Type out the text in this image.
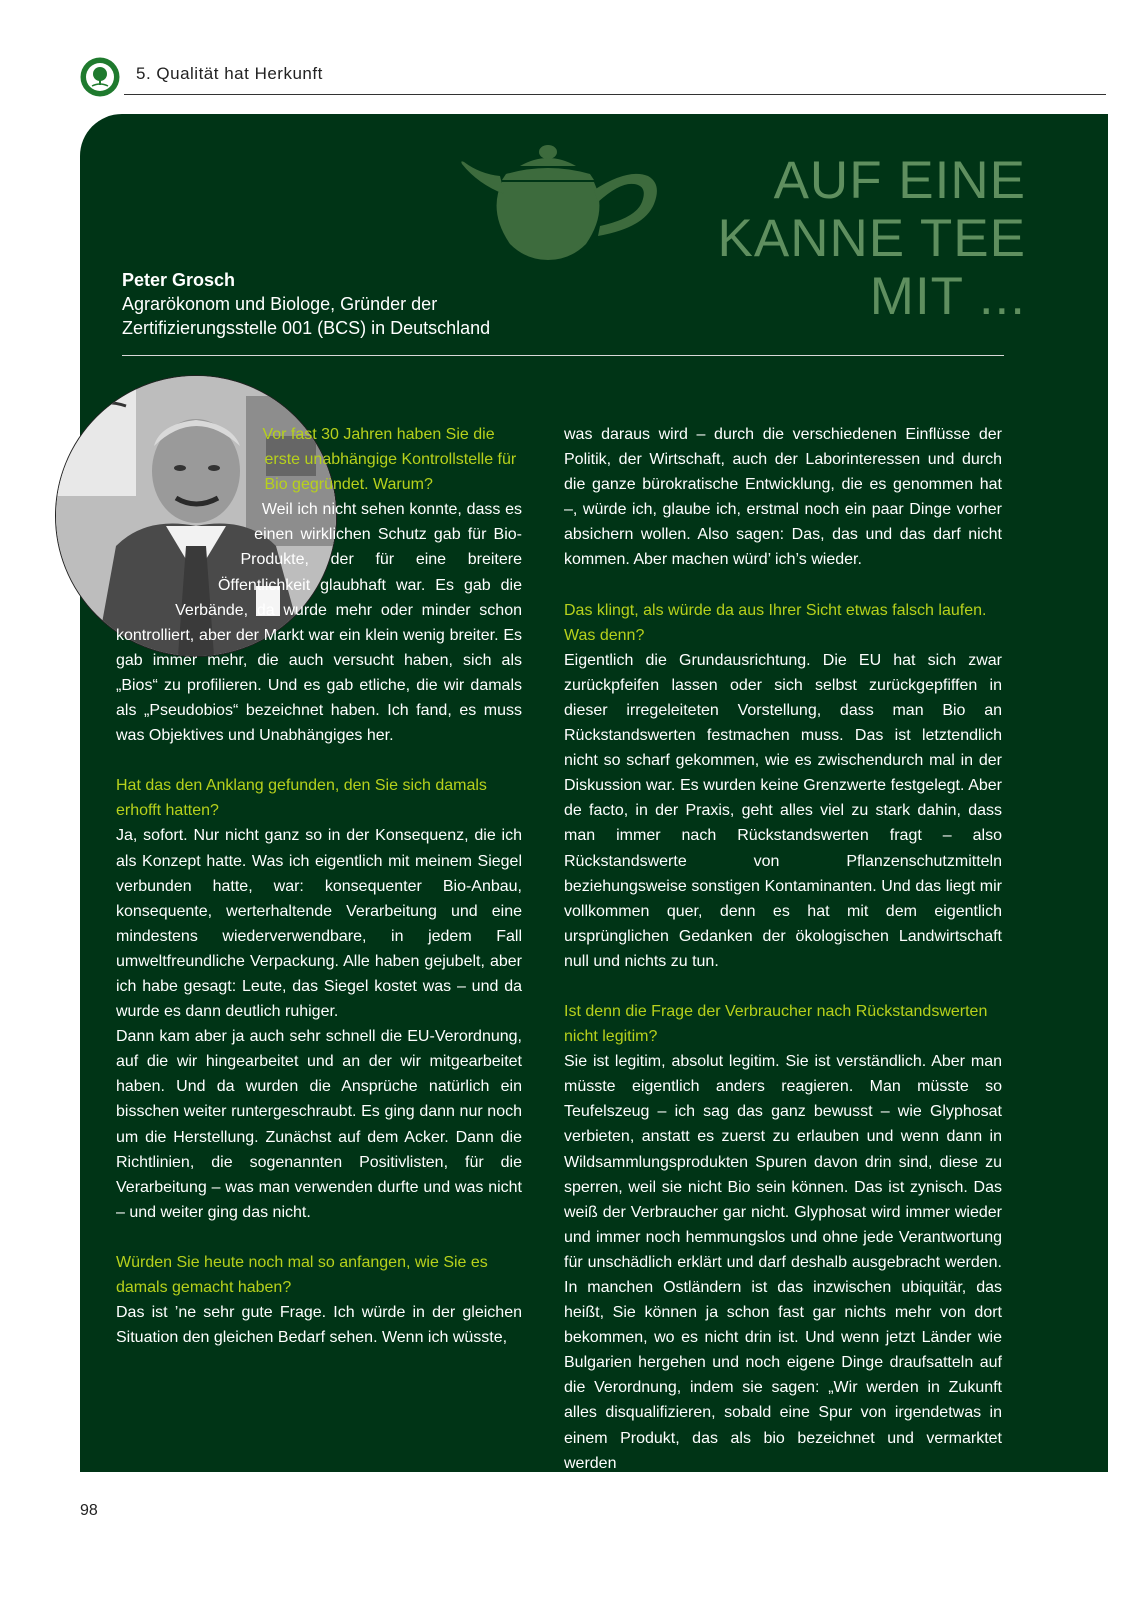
5. Qualität hat Herkunft
AUF EINE
KANNE TEE
MIT ...

Peter Grosch

Agrarökonom und Biologe, Gründer der
Zertifizierungsstelle 001 (BCS) in Deutschland

Vor fast 30 Jahren haben Sie die erste unabhängige Kontrollstelle für Bio gegründet. Warum?

Weil ich nicht sehen konnte, dass es einen wirklichen Schutz gab für Bio-Produkte, der für eine breitere Öffentlichkeit glaubhaft war. Es gab die Verbände, da wurde mehr oder minder schon kontrolliert, aber der Markt war ein klein wenig breiter. Es gab immer mehr, die auch versucht haben, sich als „Bios“ zu profilieren. Und es gab etliche, die wir damals als „Pseudobios“ bezeichnet haben. Ich fand, es muss was Objektives und Unabhängiges her.

Hat das den Anklang gefunden, den Sie sich damals erhofft hatten?

Ja, sofort. Nur nicht ganz so in der Konsequenz, die ich als Konzept hatte. Was ich eigentlich mit meinem Siegel verbunden hatte, war: konsequenter Bio-Anbau, konsequente, werterhaltende Verarbeitung und eine mindestens wiederverwendbare, in jedem Fall umweltfreundliche Verpackung. Alle haben gejubelt, aber ich habe gesagt: Leute, das Siegel kostet was – und da wurde es dann deutlich ruhiger.

Dann kam aber ja auch sehr schnell die EU-Verordnung, auf die wir hingearbeitet und an der wir mitgearbeitet haben. Und da wurden die Ansprüche natürlich ein bisschen weiter runtergeschraubt. Es ging dann nur noch um die Herstellung. Zunächst auf dem Acker. Dann die Richtlinien, die sogenannten Positivlisten, für die Verarbeitung – was man verwenden durfte und was nicht – und weiter ging das nicht.

Würden Sie heute noch mal so anfangen, wie Sie es damals gemacht haben?

Das ist ’ne sehr gute Frage. Ich würde in der gleichen Situation den gleichen Bedarf sehen. Wenn ich wüsste,

was daraus wird – durch die verschiedenen Einflüsse der Politik, der Wirtschaft, auch der Laborinteressen und durch die ganze bürokratische Entwicklung, die es genommen hat –, würde ich, glaube ich, erstmal noch ein paar Dinge vorher absichern wollen. Also sagen: Das, das und das darf nicht kommen. Aber machen würd’ ich’s wieder.

Das klingt, als würde da aus Ihrer Sicht etwas falsch laufen. Was denn?

Eigentlich die Grundausrichtung. Die EU hat sich zwar zurückpfeifen lassen oder sich selbst zurückgepfiffen in dieser irregeleiteten Vorstellung, dass man Bio an Rückstandswerten festmachen muss. Das ist letztendlich nicht so scharf gekommen, wie es zwischendurch mal in der Diskussion war. Es wurden keine Grenzwerte festgelegt. Aber de facto, in der Praxis, geht alles viel zu stark dahin, dass man immer nach Rückstandswerten fragt – also Rückstandswerte von Pflanzenschutzmitteln beziehungsweise sonstigen Kontaminanten. Und das liegt mir vollkommen quer, denn es hat mit dem eigentlich ursprünglichen Gedanken der ökologischen Landwirtschaft null und nichts zu tun.

Ist denn die Frage der Verbraucher nach Rückstandswerten nicht legitim?

Sie ist legitim, absolut legitim. Sie ist verständlich. Aber man müsste eigentlich anders reagieren. Man müsste so Teufelszeug – ich sag das ganz bewusst – wie Glyphosat verbieten, anstatt es zuerst zu erlauben und wenn dann in Wildsammlungsprodukten Spuren davon drin sind, diese zu sperren, weil sie nicht Bio sein können. Das ist zynisch. Das weiß der Verbraucher gar nicht. Glyphosat wird immer wieder und immer noch hemmungslos und ohne jede Verantwortung für unschädlich erklärt und darf deshalb ausgebracht werden. In manchen Ostländern ist das inzwischen ubiquitär, das heißt, Sie können ja schon fast gar nichts mehr von dort bekommen, wo es nicht drin ist. Und wenn jetzt Länder wie Bulgarien hergehen und noch eigene Dinge draufsatteln auf die Verordnung, indem sie sagen: „Wir werden in Zukunft alles disqualifizieren, sobald eine Spur von irgendetwas in einem Produkt, das als bio bezeichnet und vermarktet werden

98
